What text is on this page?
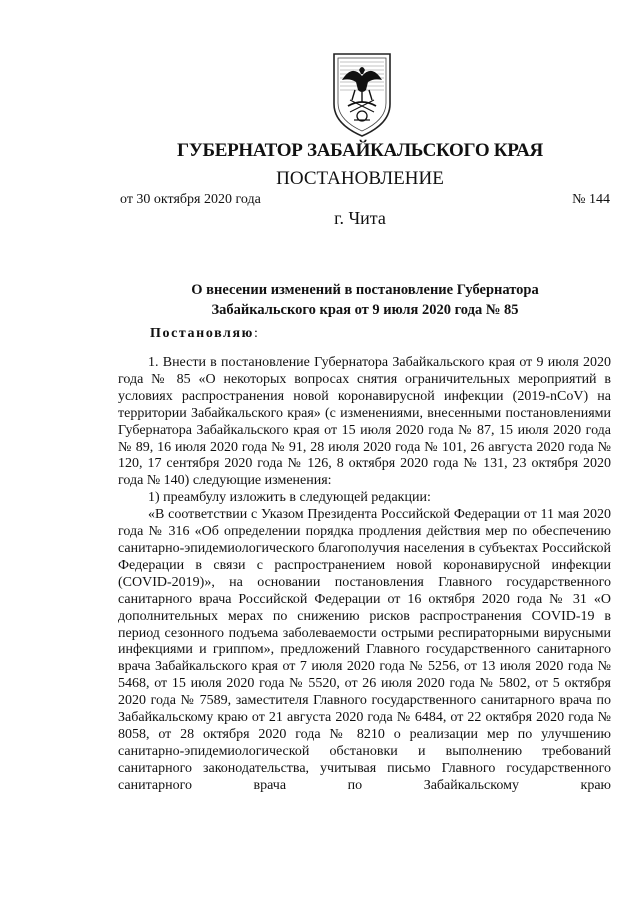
ГУБЕРНАТОР ЗАБАЙКАЛЬСКОГО КРАЯ
ПОСТАНОВЛЕНИЕ
от 30 октября 2020 года	№ 144
г. Чита
О внесении изменений в постановление Губернатора
Забайкальского края от 9 июля 2020 года № 85
Постановляю:

1. Внести в постановление Губернатора Забайкальского края от 9 июля 2020 года № 85 «О некоторых вопросах снятия ограничительных мероприятий в условиях распространения новой коронавирусной инфекции (2019-nCoV) на территории Забайкальского края» (с изменениями, внесенными постановлениями Губернатора Забайкальского края от 15 июля 2020 года № 87, 15 июля 2020 года № 89, 16 июля 2020 года № 91, 28 июля 2020 года № 101, 26 августа 2020 года № 120, 17 сентября 2020 года № 126, 8 октября 2020 года № 131, 23 октября 2020 года № 140) следующие изменения:

1) преамбулу изложить в следующей редакции:

«В соответствии с Указом Президента Российской Федерации от 11 мая 2020 года № 316 «Об определении порядка продления действия мер по обеспечению санитарно-эпидемиологического благополучия населения в субъектах Российской Федерации в связи с распространением новой коронавирусной инфекции (COVID-2019)», на основании постановления Главного государственного санитарного врача Российской Федерации от 16 октября 2020 года № 31 «О дополнительных мерах по снижению рисков распространения COVID-19 в период сезонного подъема заболеваемости острыми респираторными вирусными инфекциями и гриппом», предложений Главного государственного санитарного врача Забайкальского края от 7 июля 2020 года № 5256, от 13 июля 2020 года № 5468, от 15 июля 2020 года № 5520, от 26 июля 2020 года № 5802, от 5 октября 2020 года № 7589, заместителя Главного государственного санитарного врача по Забайкальскому краю от 21 августа 2020 года № 6484, от 22 октября 2020 года № 8058, от 28 октября 2020 года № 8210 о реализации мер по улучшению санитарно-эпидемиологической обстановки и выполнению требований санитарного законодательства, учитывая письмо Главного государственного санитарного врача по Забайкальскому краю
